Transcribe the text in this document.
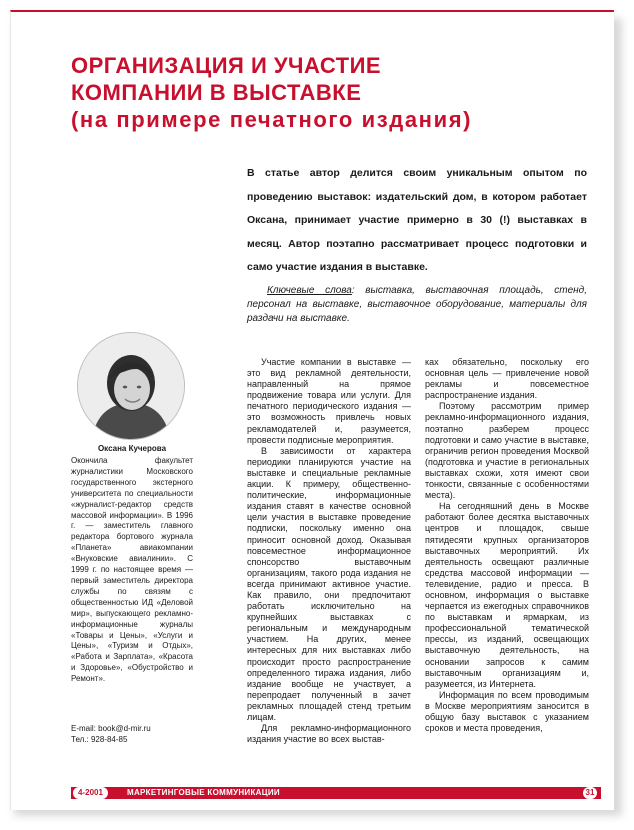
ОРГАНИЗАЦИЯ И УЧАСТИЕ
КОМПАНИИ В ВЫСТАВКЕ
(на примере печатного издания)

В статье автор делится своим уникальным опытом по проведению выставок: издательский дом, в котором работает Оксана, принимает участие примерно в 30 (!) выставках в месяц. Автор поэтапно рассматривает процесс подготовки и само участие издания в выставке.

Ключевые слова: выставка, выставочная площадь, стенд, персонал на выставке, выставочное оборудование, материалы для раздачи на выставке.

Оксана Кучерова

Окончила факультет журналистики Московского государственного экстерного университета по специальности «журналист-редактор средств массовой информации». В 1996 г. — заместитель главного редактора бортового журнала «Планета» авиакомпании «Внуковские авиалинии». С 1999 г. по настоящее время — первый заместитель директора службы по связям с общественностью ИД «Деловой мир», выпускающего рекламно-информационные журналы «Товары и Цены», «Услуги и Цены», «Туризм и Отдых», «Работа и Зарплата», «Красота и Здоровье», «Обустройство и Ремонт».

E-mail: book@d-mir.ru
Тел.: 928-84-85

Участие компании в выставке — это вид рекламной деятельности, направленный на прямое продвижение товара или услуги. Для печатного периодического издания — это возможность привлечь новых рекламодателей и, разумеется, провести подписные мероприятия.

В зависимости от характера периодики планируются участие на выставке и специальные рекламные акции. К примеру, общественно-политические, информационные издания ставят в качестве основной цели участия в выставке проведение подписки, поскольку именно она приносит основной доход. Оказывая повсеместное информационное спонсорство выставочным организациям, такого рода издания не всегда принимают активное участие. Как правило, они предпочитают работать исключительно на крупнейших выставках с региональным и международным участием. На других, менее интересных для них выставках либо происходит просто распространение определенного тиража издания, либо издание вообще не участвует, а перепродает полученный в зачет рекламных площадей стенд третьим лицам.

Для рекламно-информационного издания участие во всех выстав-

ках обязательно, поскольку его основная цель — привлечение новой рекламы и повсеместное распространение издания.

Поэтому рассмотрим пример рекламно-информационного издания, поэтапно разберем процесс подготовки и само участие в выставке, ограничив регион проведения Москвой (подготовка и участие в региональных выставках схожи, хотя имеют свои тонкости, связанные с особенностями места).

На сегодняшний день в Москве работают более десятка выставочных центров и площадок, свыше пятидесяти крупных организаторов выставочных мероприятий. Их деятельность освещают различные средства массовой информации — телевидение, радио и пресса. В основном, информация о выставке черпается из ежегодных справочников по выставкам и ярмаркам, из профессиональной тематической прессы, из изданий, освещающих выставочную деятельность, на основании запросов к самим выставочным организациям и, разумеется, из Интернета.

Информация по всем проводимым в Москве мероприятиям заносится в общую базу выставок с указанием сроков и места проведения,

4-2001	МАРКЕТИНГОВЫЕ КОММУНИКАЦИИ	31
